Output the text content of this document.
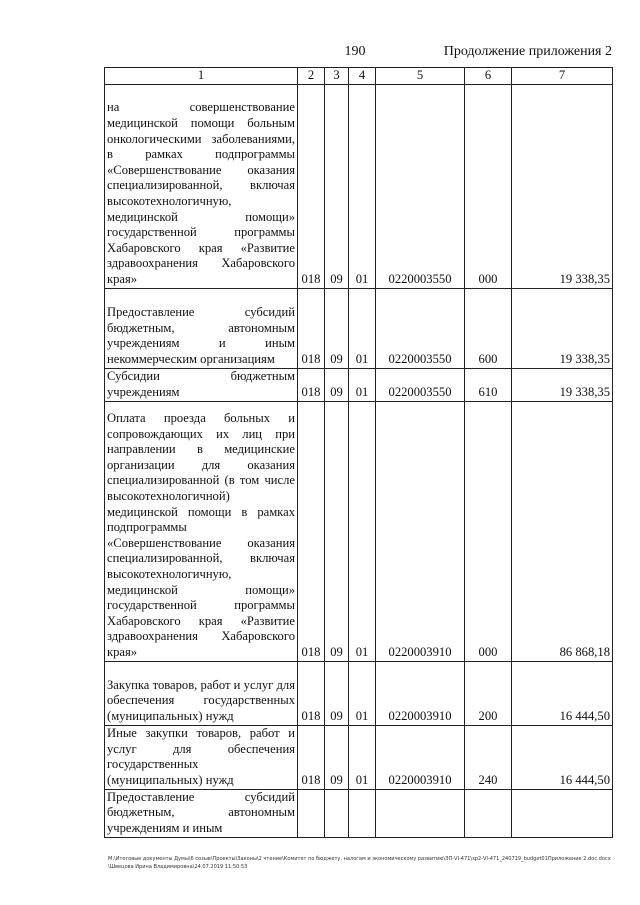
190	Продолжение приложения 2
1	2	3	4	5	6	7
на совершенствование медицинской помощи больным онкологическими заболеваниями, в рамках подпрограммы «Совершенствование оказания специализированной, включая высокотехнологичную, медицинской помощи» государственной программы Хабаровского края «Развитие здравоохранения Хабаровского края»	018	09	01	0220003550	000	19 338,35
Предоставление субсидий бюджетным, автономным учреждениям и иным некоммерческим организациям	018	09	01	0220003550	600	19 338,35
Субсидии бюджетным учреждениям	018	09	01	0220003550	610	19 338,35
Оплата проезда больных и сопровождающих их лиц при направлении в медицинские организации для оказания специализированной (в том числе высокотехнологичной) медицинской помощи в рамках подпрограммы «Совершенствование оказания специализированной, включая высокотехнологичную, медицинской помощи» государственной программы Хабаровского края «Развитие здравоохранения Хабаровского края»	018	09	01	0220003910	000	86 868,18
Закупка товаров, работ и услуг для обеспечения государственных (муниципальных) нужд	018	09	01	0220003910	200	16 444,50
Иные закупки товаров, работ и услуг для обеспечения государственных (муниципальных) нужд	018	09	01	0220003910	240	16 444,50
Предоставление субсидий бюджетным, автономным учреждениям и иным						
M:\Итоговые документы Думы\6 созыв\Проекты\Законы\2 чтение\Комитет по бюджету, налогам и экономическому развитию\ЗП-VI-471\зр2-VI-471_240719_budget01Приложение 2.doc.docx\Швецова Ирина Владимировна\24.07.2019 11:50:53
